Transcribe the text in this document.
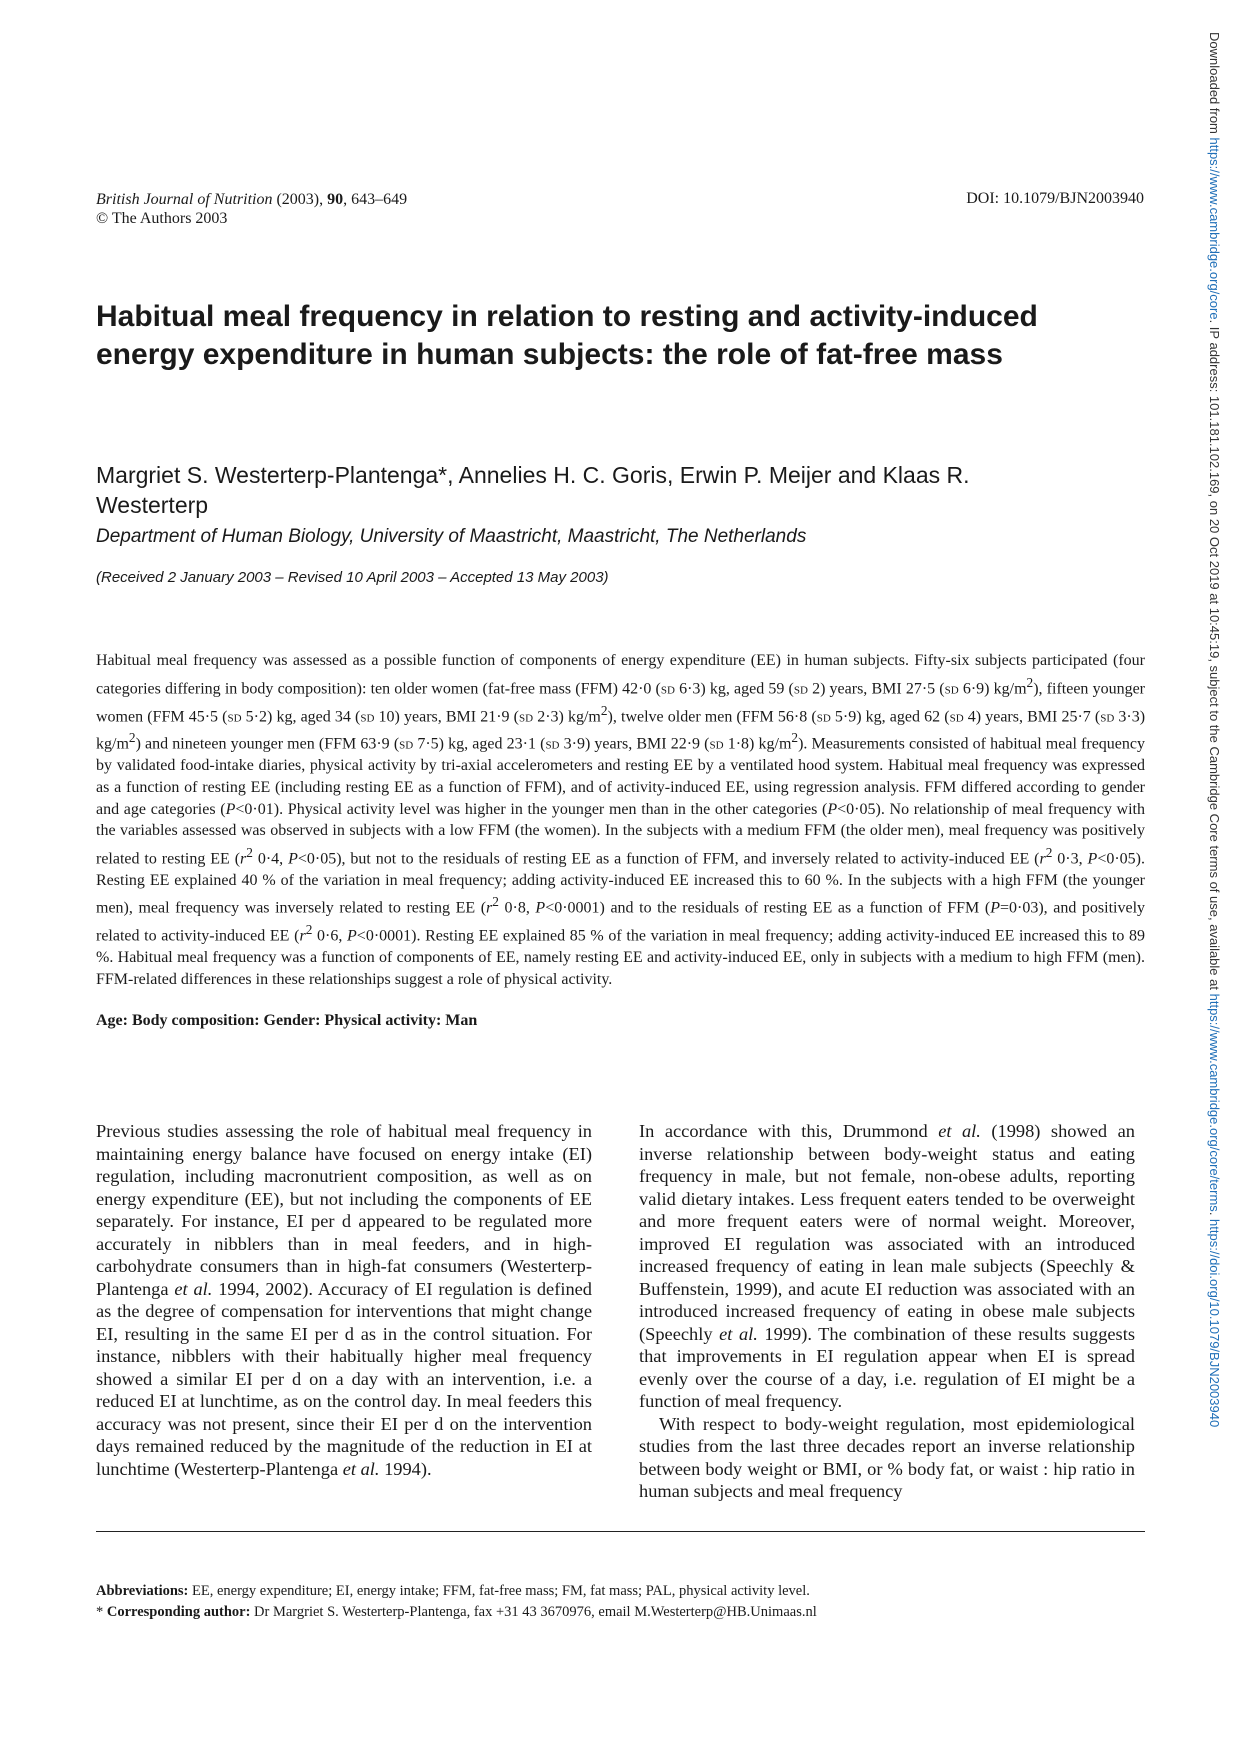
Downloaded from https://www.cambridge.org/core. IP address: 101.181.102.169, on 20 Oct 2019 at 10:45:19, subject to the Cambridge Core terms of use, available at https://www.cambridge.org/core/terms. https://doi.org/10.1079/BJN2003940
British Journal of Nutrition (2003), 90, 643–649
© The Authors 2003
DOI: 10.1079/BJN2003940
Habitual meal frequency in relation to resting and activity-induced energy expenditure in human subjects: the role of fat-free mass
Margriet S. Westerterp-Plantenga*, Annelies H. C. Goris, Erwin P. Meijer and Klaas R. Westerterp
Department of Human Biology, University of Maastricht, Maastricht, The Netherlands
(Received 2 January 2003 – Revised 10 April 2003 – Accepted 13 May 2003)

Habitual meal frequency was assessed as a possible function of components of energy expenditure (EE) in human subjects. Fifty-six subjects participated (four categories differing in body composition): ten older women (fat-free mass (FFM) 42·0 (sd 6·3) kg, aged 59 (sd 2) years, BMI 27·5 (sd 6·9) $kg/m^2$), fifteen younger women (FFM 45·5 (sd 5·2) kg, aged 34 (sd 10) years, BMI 21·9 (sd 2·3) $kg/m^2$), twelve older men (FFM 56·8 (sd 5·9) kg, aged 62 (sd 4) years, BMI 25·7 (sd 3·3) $kg/m^2$) and nineteen younger men (FFM 63·9 (sd 7·5) kg, aged 23·1 (sd 3·9) years, BMI 22·9 (sd 1·8) $kg/m^2$). Measurements consisted of habitual meal frequency by validated food-intake diaries, physical activity by tri-axial accelerometers and resting EE by a ventilated hood system. Habitual meal frequency was expressed as a function of resting EE (including resting EE as a function of FFM), and of activity-induced EE, using regression analysis. FFM differed according to gender and age categories (P<0·01). Physical activity level was higher in the younger men than in the other categories (P<0·05). No relationship of meal frequency with the variables assessed was observed in subjects with a low FFM (the women). In the subjects with a medium FFM (the older men), meal frequency was positively related to resting EE ($r^2$ 0·4, P<0·05), but not to the residuals of resting EE as a function of FFM, and inversely related to activity-induced EE ($r^2$ 0·3, P<0·05). Resting EE explained 40 % of the variation in meal frequency; adding activity-induced EE increased this to 60 %. In the subjects with a high FFM (the younger men), meal frequency was inversely related to resting EE ($r^2$ 0·8, P<0·0001) and to the residuals of resting EE as a function of FFM (P=0·03), and positively related to activity-induced EE ($r^2$ 0·6, P<0·0001). Resting EE explained 85 % of the variation in meal frequency; adding activity-induced EE increased this to 89 %. Habitual meal frequency was a function of components of EE, namely resting EE and activity-induced EE, only in subjects with a medium to high FFM (men). FFM-related differences in these relationships suggest a role of physical activity.

Age: Body composition: Gender: Physical activity: Man

Previous studies assessing the role of habitual meal frequency in maintaining energy balance have focused on energy intake (EI) regulation, including macronutrient composition, as well as on energy expenditure (EE), but not including the components of EE separately. For instance, EI per d appeared to be regulated more accurately in nibblers than in meal feeders, and in high-carbohydrate consumers than in high-fat consumers (Westerterp-Plantenga et al. 1994, 2002). Accuracy of EI regulation is defined as the degree of compensation for interventions that might change EI, resulting in the same EI per d as in the control situation. For instance, nibblers with their habitually higher meal frequency showed a similar EI per d on a day with an intervention, i.e. a reduced EI at lunchtime, as on the control day. In meal feeders this accuracy was not present, since their EI per d on the intervention days remained reduced by the magnitude of the reduction in EI at lunchtime (Westerterp-Plantenga et al. 1994).

In accordance with this, Drummond et al. (1998) showed an inverse relationship between body-weight status and eating frequency in male, but not female, non-obese adults, reporting valid dietary intakes. Less frequent eaters tended to be overweight and more frequent eaters were of normal weight. Moreover, improved EI regulation was associated with an introduced increased frequency of eating in lean male subjects (Speechly & Buffenstein, 1999), and acute EI reduction was associated with an introduced increased frequency of eating in obese male subjects (Speechly et al. 1999). The combination of these results suggests that improvements in EI regulation appear when EI is spread evenly over the course of a day, i.e. regulation of EI might be a function of meal frequency.

With respect to body-weight regulation, most epidemiological studies from the last three decades report an inverse relationship between body weight or BMI, or % body fat, or waist : hip ratio in human subjects and meal frequency

Abbreviations: EE, energy expenditure; EI, energy intake; FFM, fat-free mass; FM, fat mass; PAL, physical activity level.
* Corresponding author: Dr Margriet S. Westerterp-Plantenga, fax +31 43 3670976, email M.Westerterp@HB.Unimaas.nl
